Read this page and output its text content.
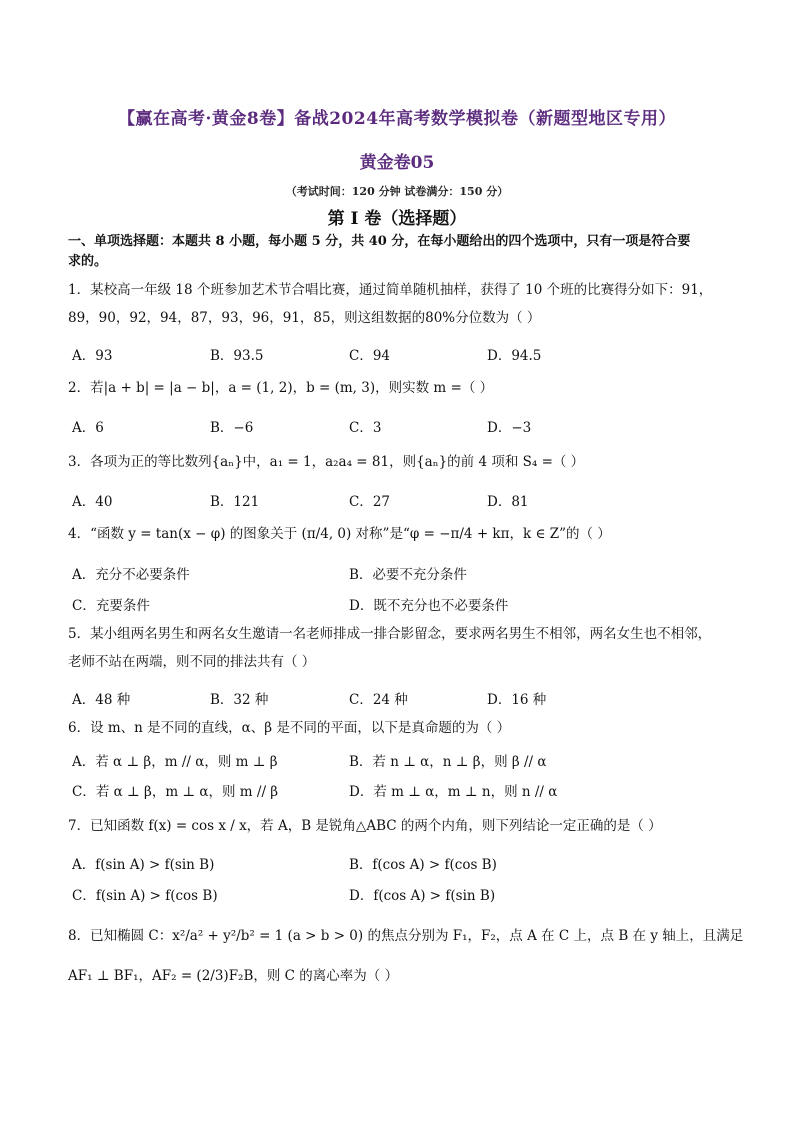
【赢在高考·黄金8卷】备战2024年高考数学模拟卷（新题型地区专用）
黄金卷05
（考试时间：120 分钟 试卷满分：150 分）
第 I 卷（选择题）
一、单项选择题：本题共 8 小题，每小题 5 分，共 40 分，在每小题给出的四个选项中，只有一项是符合要
求的。
1．某校高一年级 18 个班参加艺术节合唱比赛，通过简单随机抽样，获得了 10 个班的比赛得分如下：91，
89，90，92，94，87，93，96，91，85，则这组数据的80%分位数为（ ）
A．93	B．93.5	C．94	D．94.5
2．若|a + b| = |a − b|，a = (1, 2)，b = (m, 3)，则实数 m =（ ）
A．6	B．−6	C．3	D．−3
3．各项为正的等比数列{aₙ}中，a₁ = 1，a₂a₄ = 81，则{aₙ}的前 4 项和 S₄ =（ ）
A．40	B．121	C．27	D．81
4．“函数 y = tan(x − φ) 的图象关于 (π/4, 0) 对称”是“φ = −π/4 + kπ，k ∈ Z”的（ ）
A．充分不必要条件	B．必要不充分条件
C．充要条件	D．既不充分也不必要条件
5．某小组两名男生和两名女生邀请一名老师排成一排合影留念，要求两名男生不相邻，两名女生也不相邻，
老师不站在两端，则不同的排法共有（ ）
A．48 种	B．32 种	C．24 种	D．16 种
6．设 m、n 是不同的直线，α、β 是不同的平面，以下是真命题的为（ ）
A．若 α ⊥ β，m // α，则 m ⊥ β	B．若 n ⊥ α，n ⊥ β，则 β // α
C．若 α ⊥ β，m ⊥ α，则 m // β	D．若 m ⊥ α，m ⊥ n，则 n // α
7．已知函数 f(x) = cos x / x，若 A，B 是锐角△ABC 的两个内角，则下列结论一定正确的是（ ）
A．f(sin A) > f(sin B)	B．f(cos A) > f(cos B)
C．f(sin A) > f(cos B)	D．f(cos A) > f(sin B)
8．已知椭圆 C：x²/a² + y²/b² = 1 (a > b > 0) 的焦点分别为 F₁，F₂，点 A 在 C 上，点 B 在 y 轴上，且满足
AF₁ ⊥ BF₁，AF₂ = (2/3)F₂B，则 C 的离心率为（ ）
